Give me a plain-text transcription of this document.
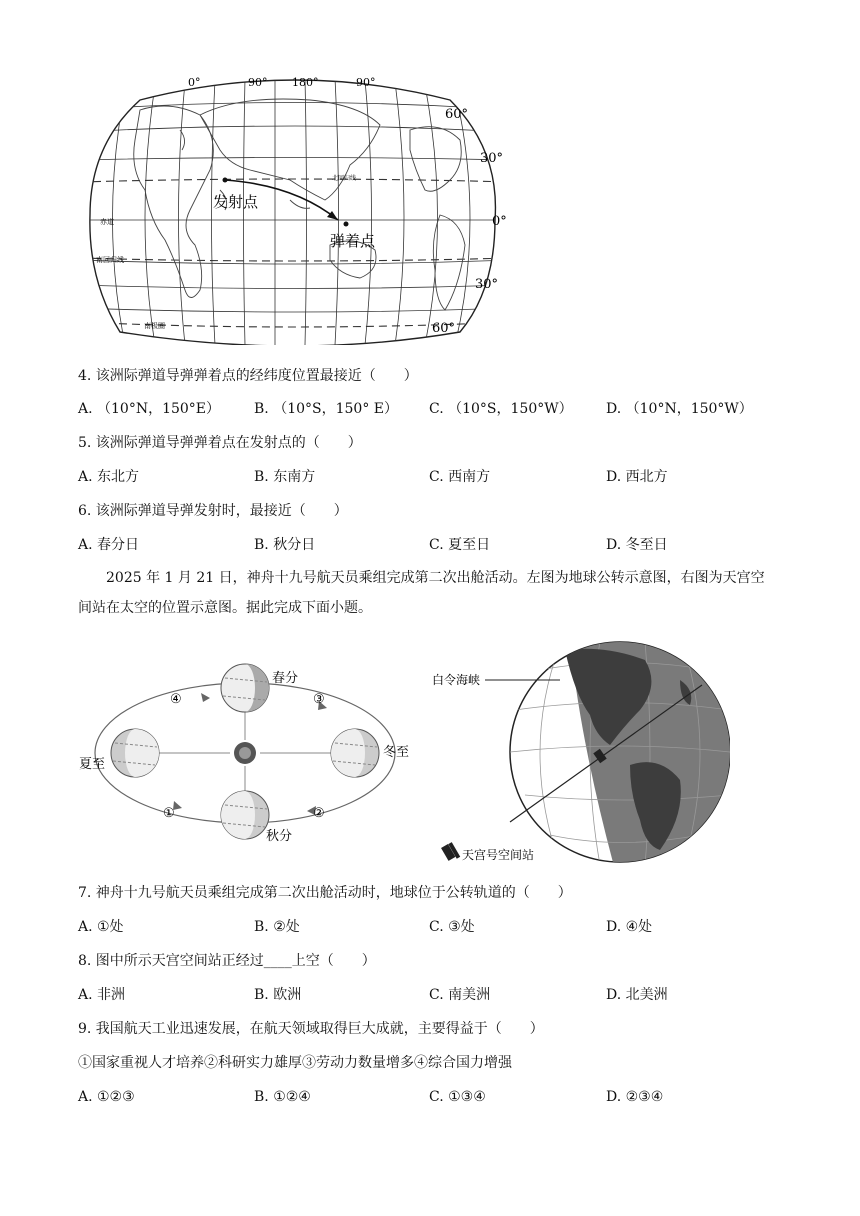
0°	90° 180°	90°
60°
30°
0°
30°
60°
北回归线
赤道
南回归线
南极圈
发射点
弹着点
4. 该洲际弹道导弹弹着点的经纬度位置最接近（　　）
A. （10°N，150°E） B. （10°S，150° E） C. （10°S，150°W） D. （10°N，150°W）
5. 该洲际弹道导弹弹着点在发射点的（　　）
A. 东北方	B. 东南方	C. 西南方	D. 西北方
6. 该洲际弹道导弹发射时，最接近（　　）
A. 春分日	B. 秋分日	C. 夏至日	D. 冬至日
2025 年 1 月 21 日，神舟十九号航天员乘组完成第二次出舱活动。左图为地球公转示意图，右图为天宫空间站在太空的位置示意图。据此完成下面小题。
春分
夏至
冬至
秋分
④	③
①	②
白令海峡
天宫号空间站
7. 神舟十九号航天员乘组完成第二次出舱活动时，地球位于公转轨道的（　　）
A. ①处	B. ②处	C. ③处	D. ④处
8. 图中所示天宫空间站正经过____上空（　　）
A. 非洲	B. 欧洲	C. 南美洲	D. 北美洲
9. 我国航天工业迅速发展，在航天领域取得巨大成就，主要得益于（　　）
①国家重视人才培养②科研实力雄厚③劳动力数量增多④综合国力增强
A. ①②③	B. ①②④	C. ①③④	D. ②③④
